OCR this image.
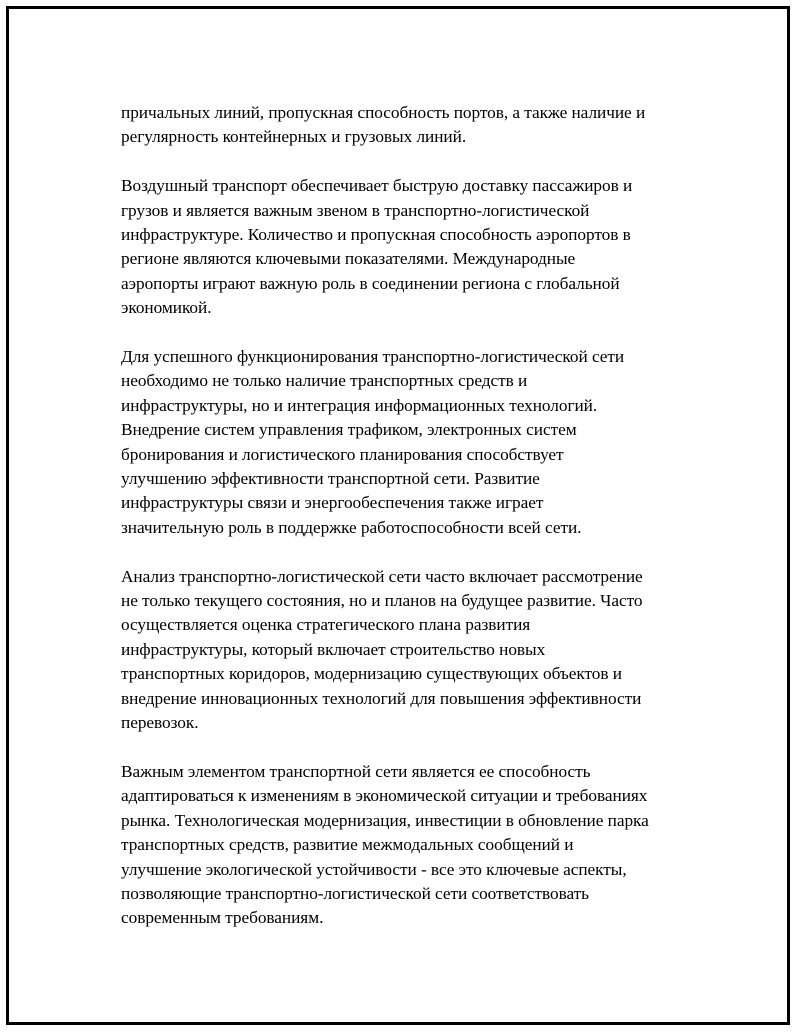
причальных линий, пропускная способность портов, а также наличие и
регулярность контейнерных и грузовых линий.

Воздушный транспорт обеспечивает быструю доставку пассажиров и
грузов и является важным звеном в транспортно-логистической
инфраструктуре. Количество и пропускная способность аэропортов в
регионе являются ключевыми показателями. Международные
аэропорты играют важную роль в соединении региона с глобальной
экономикой.

Для успешного функционирования транспортно-логистической сети
необходимо не только наличие транспортных средств и
инфраструктуры, но и интеграция информационных технологий.
Внедрение систем управления трафиком, электронных систем
бронирования и логистического планирования способствует
улучшению эффективности транспортной сети. Развитие
инфраструктуры связи и энергообеспечения также играет
значительную роль в поддержке работоспособности всей сети.

Анализ транспортно-логистической сети часто включает рассмотрение
не только текущего состояния, но и планов на будущее развитие. Часто
осуществляется оценка стратегического плана развития
инфраструктуры, который включает строительство новых
транспортных коридоров, модернизацию существующих объектов и
внедрение инновационных технологий для повышения эффективности
перевозок.

Важным элементом транспортной сети является ее способность
адаптироваться к изменениям в экономической ситуации и требованиях
рынка. Технологическая модернизация, инвестиции в обновление парка
транспортных средств, развитие межмодальных сообщений и
улучшение экологической устойчивости - все это ключевые аспекты,
позволяющие транспортно-логистической сети соответствовать
современным требованиям.
